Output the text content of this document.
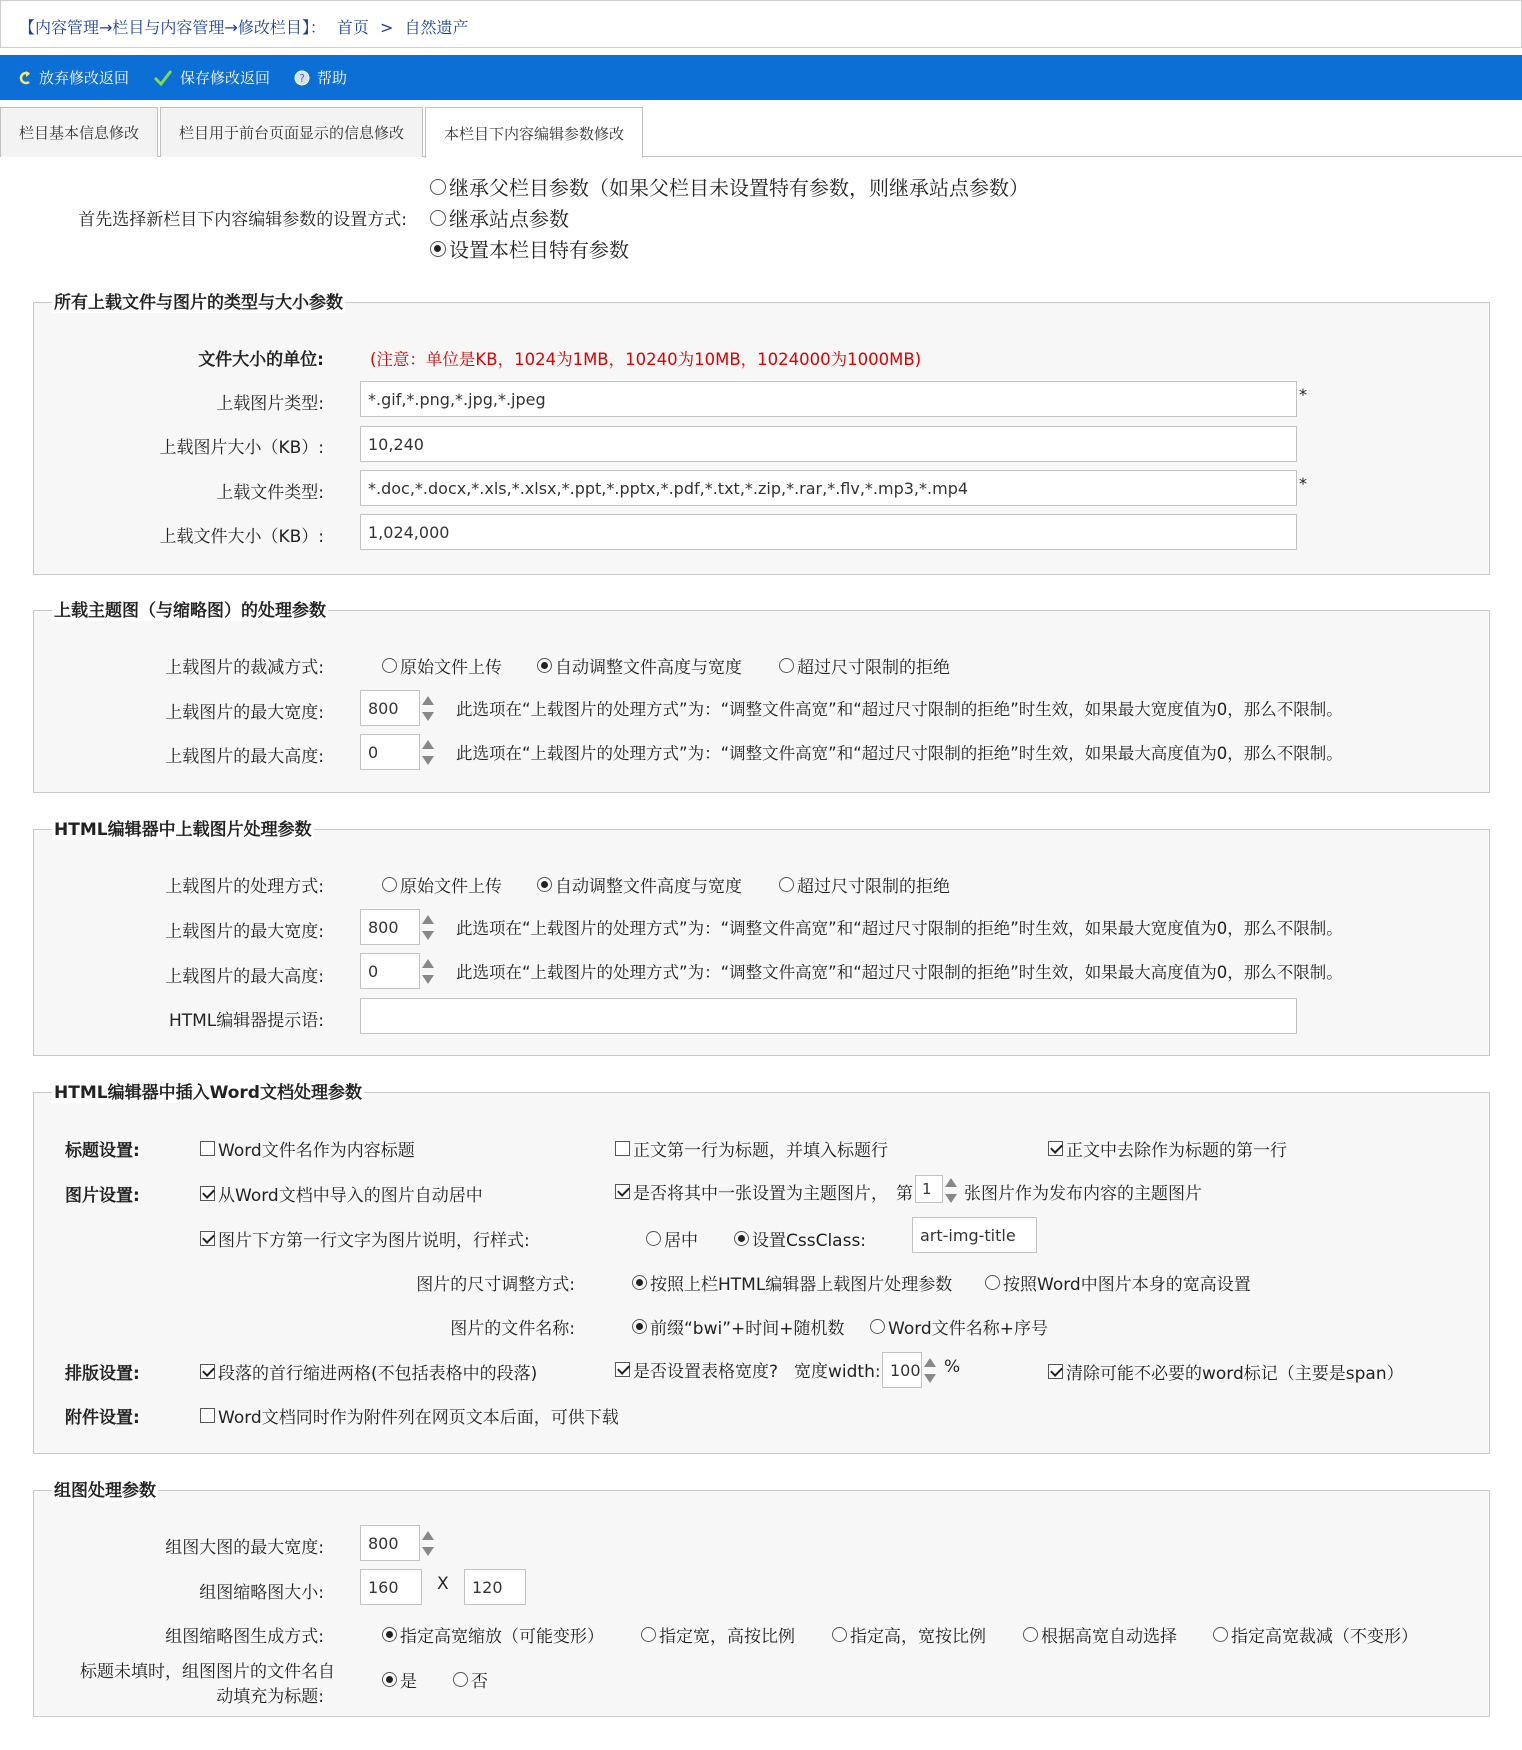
【内容管理→栏目与内容管理→修改栏目】： 首页 > 自然遗产
放弃修改返回	保存修改返回	? 帮助
栏目基本信息修改	栏目用于前台页面显示的信息修改	本栏目下内容编辑参数修改
首先选择新栏目下内容编辑参数的设置方式:
继承父栏目参数（如果父栏目未设置特有参数，则继承站点参数）
继承站点参数
设置本栏目特有参数
所有上载文件与图片的类型与大小参数
文件大小的单位:	(注意：单位是KB，1024为1MB，10240为10MB，1024000为1000MB)
上载图片类型:	*.gif,*.png,*.jpg,*.jpeg	*
上载图片大小（KB）:	10,240
上载文件类型:	*.doc,*.docx,*.xls,*.xlsx,*.ppt,*.pptx,*.pdf,*.txt,*.zip,*.rar,*.flv,*.mp3,*.mp4	*
上载文件大小（KB）:	1,024,000
上载主题图（与缩略图）的处理参数
上载图片的裁减方式:	原始文件上传	自动调整文件高度与宽度	超过尺寸限制的拒绝
上载图片的最大宽度:	800	此选项在“上载图片的处理方式”为：“调整文件高宽”和“超过尺寸限制的拒绝”时生效，如果最大宽度值为0，那么不限制。
上载图片的最大高度:	0	此选项在“上载图片的处理方式”为：“调整文件高宽”和“超过尺寸限制的拒绝”时生效，如果最大高度值为0，那么不限制。
HTML编辑器中上载图片处理参数
上载图片的处理方式:	原始文件上传	自动调整文件高度与宽度	超过尺寸限制的拒绝
上载图片的最大宽度:	800	此选项在“上载图片的处理方式”为：“调整文件高宽”和“超过尺寸限制的拒绝”时生效，如果最大宽度值为0，那么不限制。
上载图片的最大高度:	0	此选项在“上载图片的处理方式”为：“调整文件高宽”和“超过尺寸限制的拒绝”时生效，如果最大高度值为0，那么不限制。
HTML编辑器提示语:
HTML编辑器中插入Word文档处理参数
标题设置:	Word文件名作为内容标题	正文第一行为标题，并填入标题行	正文中去除作为标题的第一行
图片设置:	从Word文档中导入的图片自动居中	是否将其中一张设置为主题图片， 第 1	张图片作为发布内容的主题图片
图片下方第一行文字为图片说明，行样式:	居中	设置CssClass:	art-img-title
图片的尺寸调整方式:	按照上栏HTML编辑器上载图片处理参数	按照Word中图片本身的宽高设置
图片的文件名称:	前缀“bwi”+时间+随机数	Word文件名称+序号
排版设置:	段落的首行缩进两格(不包括表格中的段落)	是否设置表格宽度? 宽度width: 100 %	清除可能不必要的word标记（主要是span）
附件设置:	Word文档同时作为附件列在网页文本后面，可供下载
组图处理参数
组图大图的最大宽度:	800
组图缩略图大小:	160	X	120
组图缩略图生成方式:	指定高宽缩放（可能变形）	指定宽，高按比例	指定高，宽按比例	根据高宽自动选择	指定高宽裁减（不变形）
标题未填时，组图图片的文件名自
动填充为标题:
是	否
